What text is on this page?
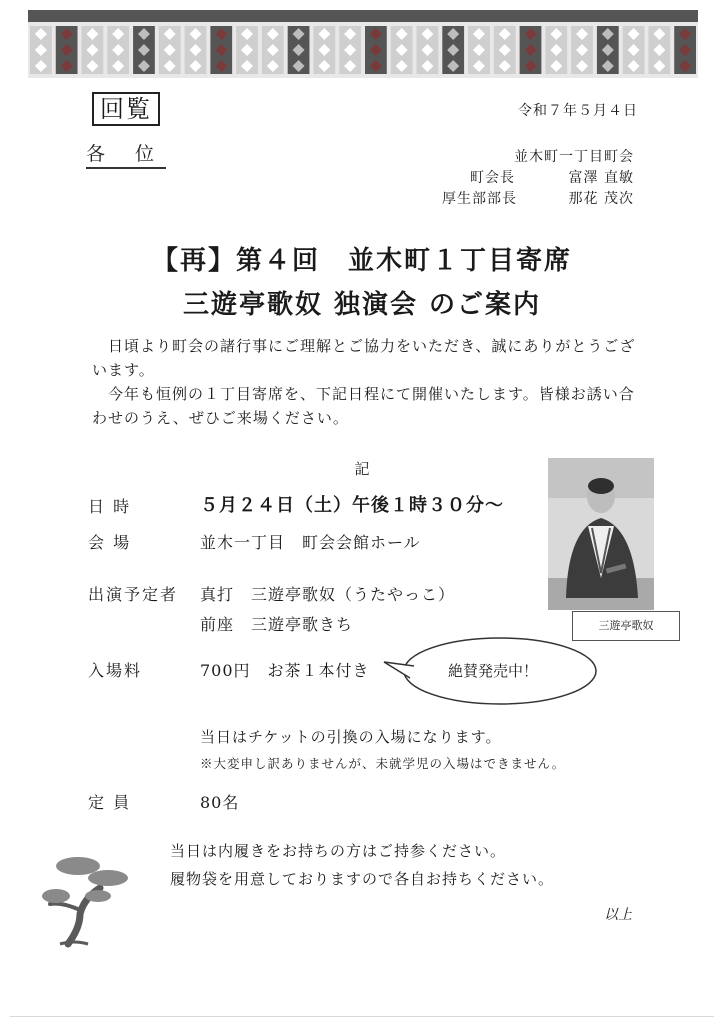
回覧	令和７年５月４日
各 位	並木町一丁目町会
町会長	富澤 直敏
厚生部部長	那花 茂次
【再】第４回　並木町１丁目寄席
三遊亭歌奴 独演会 のご案内
日頃より町会の諸行事にご理解とご協力をいただき、誠にありがとうございます。
今年も恒例の１丁目寄席を、下記日程にて開催いたします。皆様お誘い合わせのうえ、ぜひご来場ください。
記
日 時	５月２４日（土）午後１時３０分〜
会 場	並木一丁目　町会会館ホール
出演予定者 真打　三遊亭歌奴（うたやっこ）
前座　三遊亭歌きち
入場料	700円　お茶１本付き
当日はチケットの引換の入場になります。
※大変申し訳ありませんが、未就学児の入場はできません。
定 員	80名
当日は内履きをお持ちの方はご持参ください。
履物袋を用意しておりますので各自お持ちください。
以上
三遊亭歌奴
絶賛発売中！
